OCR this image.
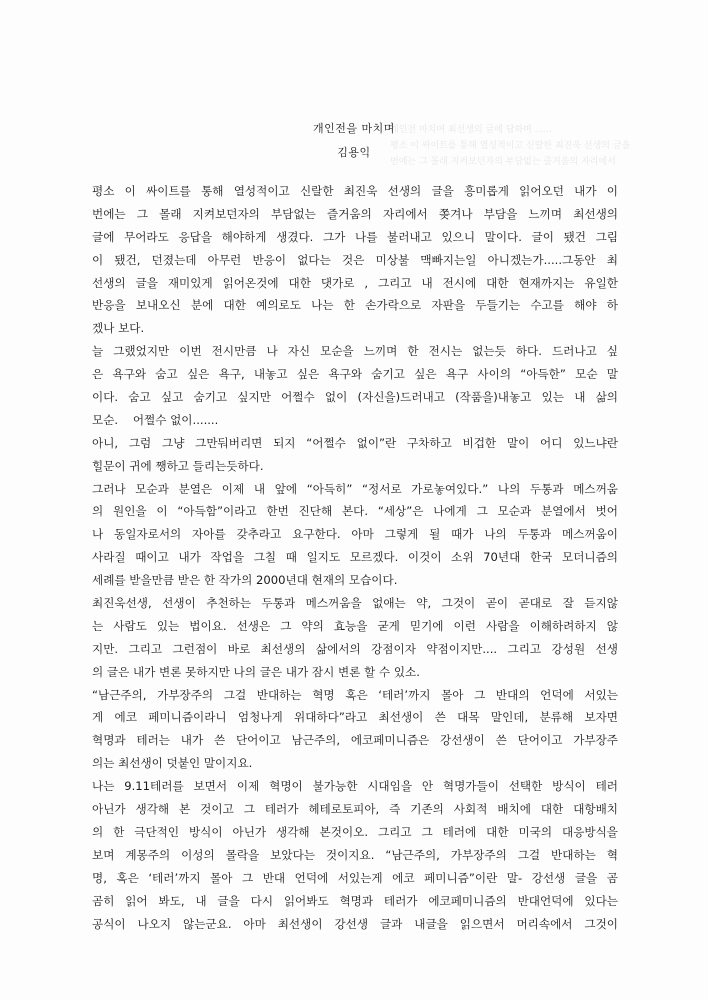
개인전 마치며 최선생의 글에 답하며 ......
평소 이 싸이트를 통해 열성적이고 신랄한 최진욱 선생의 글을
번에는 그 몰래 지켜보던자의 부담없는 즐거움의 자리에서
개인전을 마치며
김용익
평소 이 싸이트를 통해 열성적이고 신랄한 최진욱 선생의 글을 흥미롭게 읽어오던 내가 이
번에는 그 몰래 지켜보던자의 부담없는 즐거움의 자리에서 쫒겨나 부담을 느끼며 최선생의
글에 무어라도 응답을 해야하게 생겼다. 그가 나를 불러내고 있으니 말이다. 글이 됐건 그림
이 됐건, 던졌는데 아무런 반응이 없다는 것은 미상불 맥빠지는일 아니겠는가.....그동안 최
선생의 글을 재미있게 읽어온것에 대한 댓가로 , 그리고 내 전시에 대한 현재까지는 유일한
반응을 보내오신 분에 대한 예의로도 나는 한 손가락으로 자판을 두들기는 수고를 해야 하
겠나 보다.
늘 그랬었지만 이번 전시만큼 나 자신 모순을 느끼며 한 전시는 없는듯 하다. 드러나고 싶
은 욕구와 숨고 싶은 욕구, 내놓고 싶은 욕구와 숨기고 싶은 욕구 사이의 “아득한” 모순 말
이다. 숨고 싶고 숨기고 싶지만 어쩔수 없이 (자신을)드러내고 (작품을)내놓고 있는 내 삶의
모순.    어쩔수 없이.......
아니, 그럼 그냥 그만둬버리면 되지 “어쩔수 없이”란 구차하고 비겁한 말이 어디 있느냐란
힐문이 귀에 쨍하고 들리는듯하다.
그러나 모순과 분열은 이제 내 앞에 “아득히” “정서로 가로놓여있다.” 나의 두통과 메스꺼움
의 원인을 이 “아득함”이라고 한번 진단해 본다. “세상”은 나에게 그 모순과 분열에서 벗어
나 동일자로서의 자아를 갖추라고 요구한다. 아마 그렇게 될 때가 나의 두통과 메스꺼움이
사라질 때이고 내가 작업을 그칠 때 일지도 모르겠다. 이것이 소위 70년대 한국 모더니즘의
세례를 받을만큼 받은 한 작가의 2000년대 현재의 모습이다.
최진욱선생, 선생이 추천하는 두통과 메스꺼움을 없애는 약, 그것이 곧이 곧대로 잘 듣지않
는 사람도 있는 법이요. 선생은 그 약의 효능을 굳게 믿기에 이런 사람을 이해하려하지 않
지만. 그리고 그런점이 바로 최선생의 삶에서의 강점이자 약점이지만.... 그리고 강성원 선생
의 글은 내가 변론 못하지만 나의 글은 내가 잠시 변론 할 수 있소.
“남근주의, 가부장주의 그걸 반대하는 혁명 혹은 ‘테러’까지 몰아 그 반대의 언덕에 서있는
게 에코 페미니즘이라니 엄청나게 위대하다”라고 최선생이 쓴 대목 말인데, 분류해 보자면
혁명과 테러는 내가 쓴 단어이고 남근주의, 에코페미니즘은 강선생이 쓴 단어이고 가부장주
의는 최선생이 덧붙인 말이지요.
나는 9.11테러를 보면서 이제 혁명이 불가능한 시대임을 안 혁명가들이 선택한 방식이 테러
아닌가 생각해 본 것이고 그 테러가 헤테로토피아, 즉 기존의 사회적 배치에 대한 대항배치
의 한 극단적인 방식이 아닌가 생각해 본것이오. 그리고 그 테러에 대한 미국의 대응방식을
보며 계몽주의 이성의 몰락을 보았다는 것이지요. “남근주의, 가부장주의 그걸 반대하는 혁
명, 혹은 ‘테러’까지 몰아 그 반대 언덕에 서있는게 에코 페미니즘”이란 말- 강선생 글을 곰
곰히 읽어 봐도, 내 글을 다시 읽어봐도 혁명과 테러가 에코페미니즘의 반대언덕에 있다는
공식이 나오지 않는군요. 아마 최선생이 강선생 글과 내글을 읽으면서 머리속에서 그것이
